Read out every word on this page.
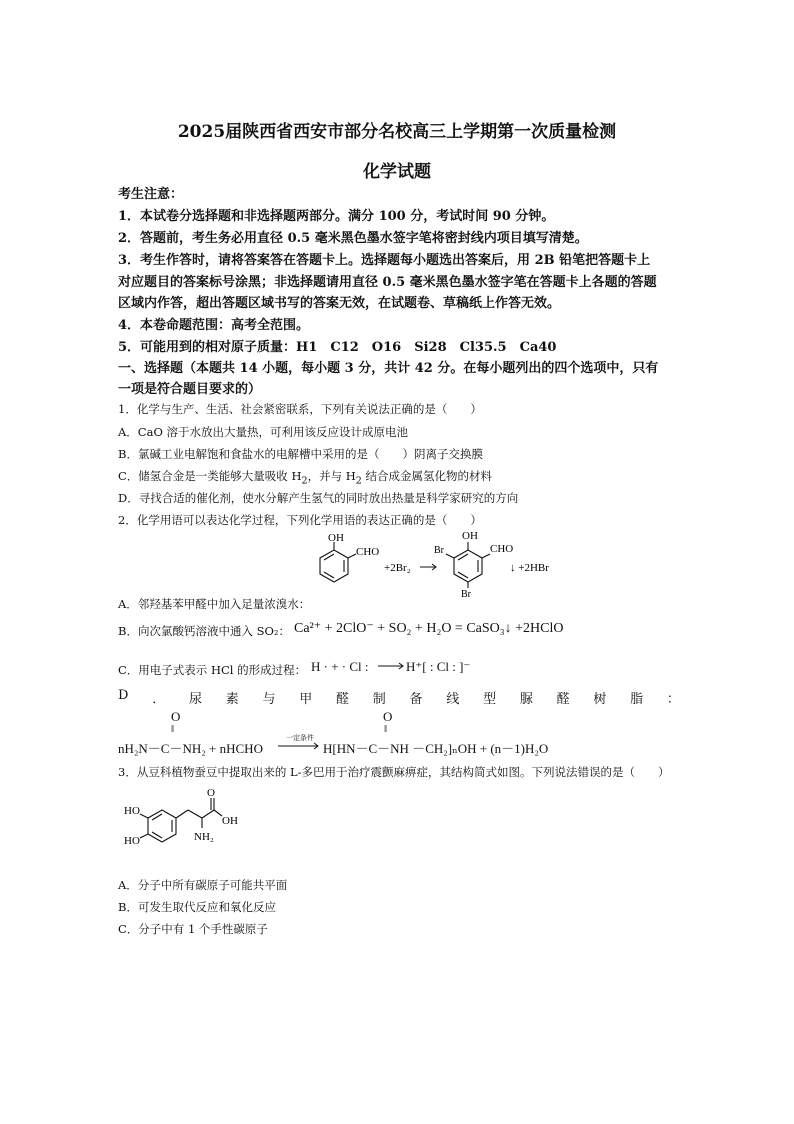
2025届陕西省西安市部分名校高三上学期第一次质量检测
化学试题
考生注意：
1．本试卷分选择题和非选择题两部分。满分 100 分，考试时间 90 分钟。
2．答题前，考生务必用直径 0.5 毫米黑色墨水签字笔将密封线内项目填写清楚。
3．考生作答时，请将答案答在答题卡上。选择题每小题选出答案后，用 2B 铅笔把答题卡上
对应题目的答案标号涂黑；非选择题请用直径 0.5 毫米黑色墨水签字笔在答题卡上各题的答题
区域内作答，超出答题区域书写的答案无效，在试题卷、草稿纸上作答无效。
4．本卷命题范围：高考全范围。
5．可能用到的相对原子质量：H1　C12　O16　Si28　Cl35.5　Ca40
一、选择题（本题共 14 小题，每小题 3 分，共计 42 分。在每小题列出的四个选项中，只有
一项是符合题目要求的）
1．化学与生产、生活、社会紧密联系，下列有关说法正确的是（　　）
A．CaO 溶于水放出大量热，可利用该反应设计成原电池
B．氯碱工业电解饱和食盐水的电解槽中采用的是（　　）阴离子交换膜
C．储氢合金是一类能够大量吸收 $H_2$，并与 $H_2$ 结合成金属氢化物的材料
D．寻找合适的催化剂，使水分解产生氢气的同时放出热量是科学家研究的方向
2．化学用语可以表达化学过程，下列化学用语的表达正确的是（　　）
OH
CHO
+2Br₂
OH
CHO
Br
Br
↓ +2HBr
A．邻羟基苯甲醛中加入足量浓溴水：
B．向次氯酸钙溶液中通入 SO₂： Ca²⁺ + 2ClO⁻ + SO₂ + H₂O = CaSO₃↓ +2HClO
C．用电子式表示 HCl 的形成过程： H · + · Cl :	H⁺[ : Cl : ]⁻
D ． 尿 素 与 甲 醛 制 备 线 型 脲 醛 树 脂 ：
O
‖
O
‖
nH₂N－C－NH₂ + nHCHO
一定条件
H[HN－C－NH －CH₂]ₙOH + (n－1)H₂O
3．从豆科植物蚕豆中提取出来的 L-多巴用于治疗震颤麻痹症，其结构简式如图。下列说法错误的是（　　）
HO
HO
O
OH
NH₂
A．分子中所有碳原子可能共平面
B．可发生取代反应和氧化反应
C．分子中有 1 个手性碳原子
